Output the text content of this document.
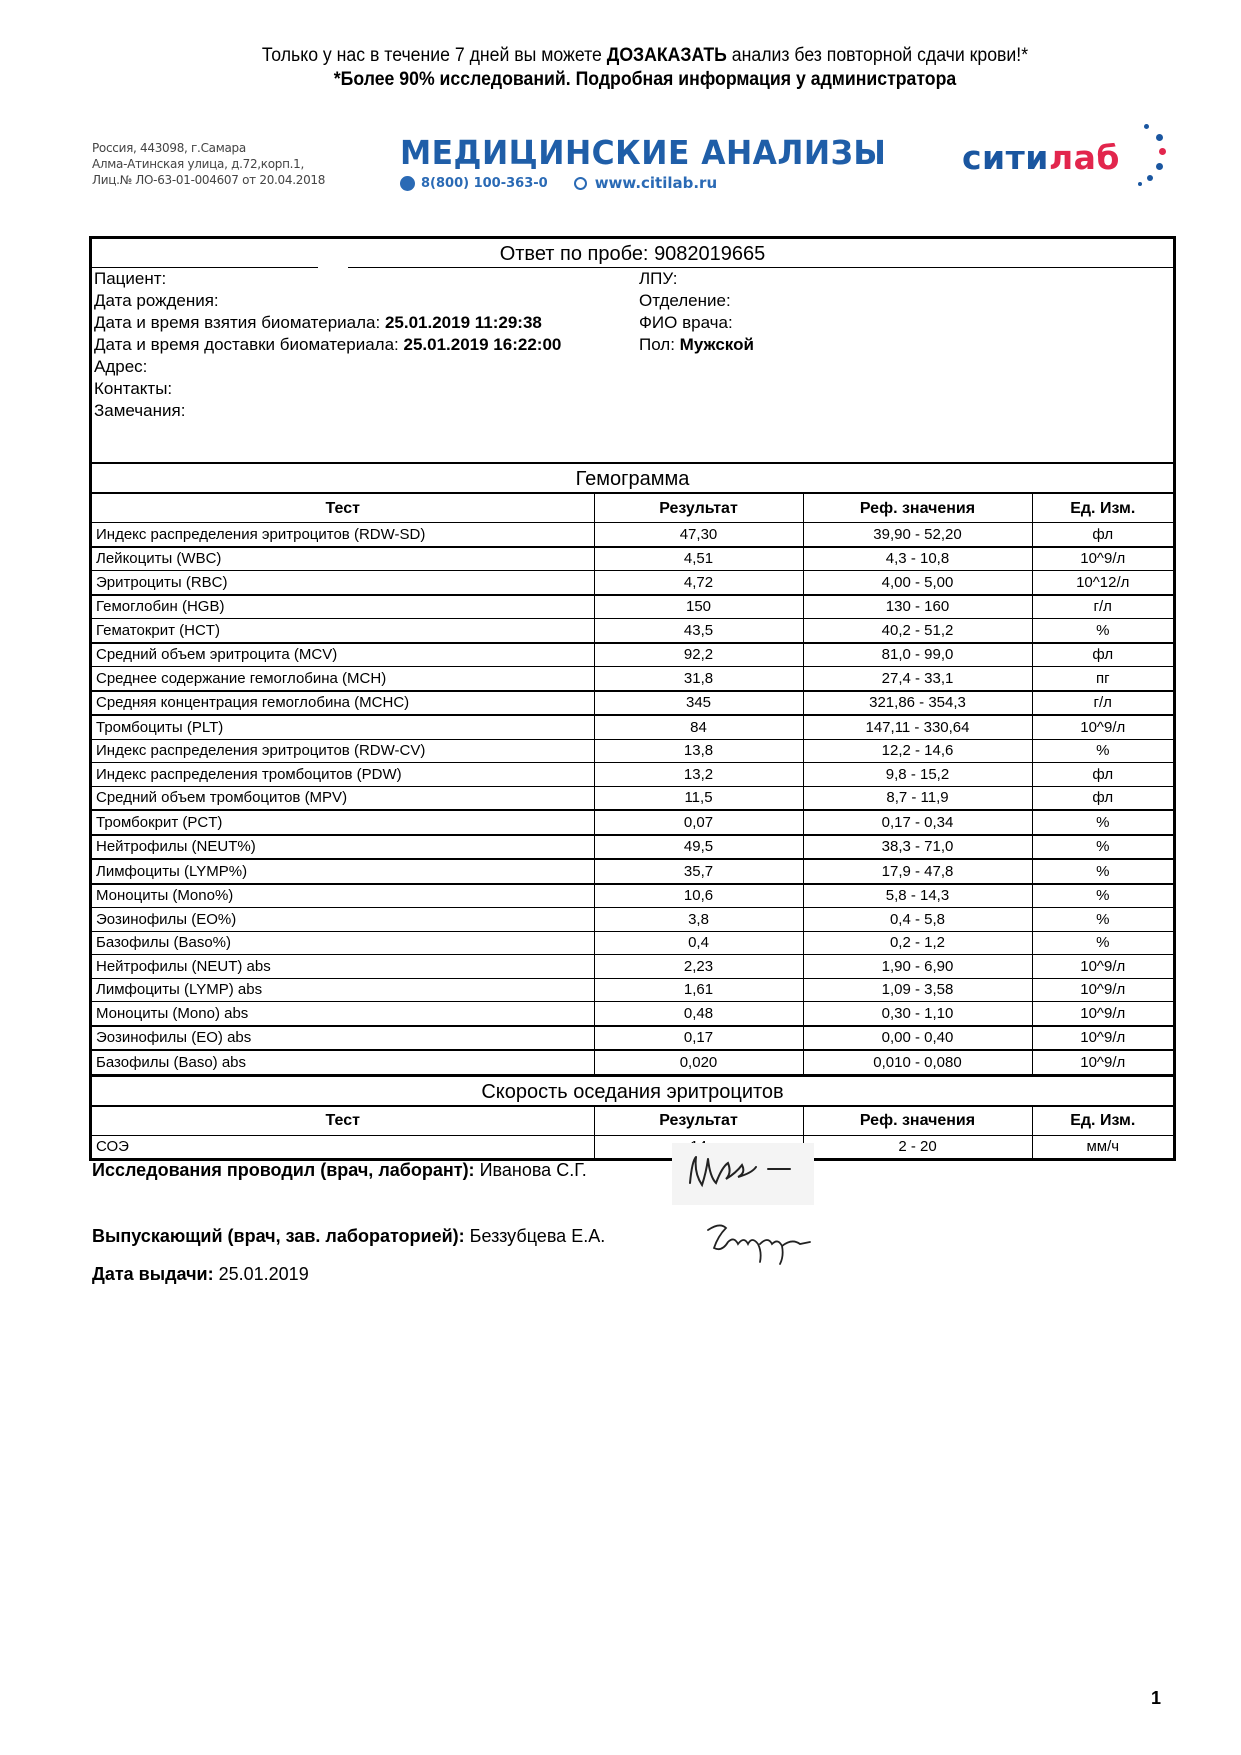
Только у нас в течение 7 дней вы можете ДОЗАКАЗАТЬ анализ без повторной сдачи крови!*
*Более 90% исследований. Подробная информация у администратора
Россия, 443098, г.Самара
Алма-Атинская улица, д.72,корп.1,
Лиц.№ ЛО-63-01-004607 от 20.04.2018
МЕДИЦИНСКИЕ АНАЛИЗЫ
8(800) 100-363-0	www.citilab.ru
ситилаб
Ответ по пробе: 9082019665
Пациент:
Дата рождения:
Дата и время взятия биоматериала: 25.01.2019 11:29:38
Дата и время доставки биоматериала: 25.01.2019 16:22:00
Адрес:
Контакты:
Замечания:
ЛПУ:
Отделение:
ФИО врача:
Пол: Мужской
Гемограмма
Тест	Результат	Реф. значения	Ед. Изм.
Индекс распределения эритроцитов (RDW-SD)	47,30	39,90 - 52,20	фл
Лейкоциты (WBC)	4,51	4,3 - 10,8	10^9/л
Эритроциты (RBC)	4,72	4,00 - 5,00	10^12/л
Гемоглобин (HGB)	150	130 - 160	г/л
Гематокрит (HCT)	43,5	40,2 - 51,2	%
Средний объем эритроцита (MCV)	92,2	81,0 - 99,0	фл
Среднее содержание гемоглобина (MCH)	31,8	27,4 - 33,1	пг
Средняя концентрация гемоглобина (MCHC)	345	321,86 - 354,3	г/л
Тромбоциты (PLT)	84	147,11 - 330,64	10^9/л
Индекс распределения эритроцитов (RDW-CV)	13,8	12,2 - 14,6	%
Индекс распределения тромбоцитов (PDW)	13,2	9,8 - 15,2	фл
Средний объем тромбоцитов (MPV)	11,5	8,7 - 11,9	фл
Тромбокрит (PCT)	0,07	0,17 - 0,34	%
Нейтрофилы (NEUT%)	49,5	38,3 - 71,0	%
Лимфоциты (LYMP%)	35,7	17,9 - 47,8	%
Моноциты (Mono%)	10,6	5,8 - 14,3	%
Эозинофилы (EO%)	3,8	0,4 - 5,8	%
Базофилы (Baso%)	0,4	0,2 - 1,2	%
Нейтрофилы (NEUT) abs	2,23	1,90 - 6,90	10^9/л
Лимфоциты (LYMP) abs	1,61	1,09 - 3,58	10^9/л
Моноциты (Mono) abs	0,48	0,30 - 1,10	10^9/л
Эозинофилы (EO) abs	0,17	0,00 - 0,40	10^9/л
Базофилы (Baso) abs	0,020	0,010 - 0,080	10^9/л
Скорость оседания эритроцитов
Тест	Результат	Реф. значения	Ед. Изм.
СОЭ		2 - 20	мм/ч
Исследования проводил (врач, лаборант): Иванова С.Г.
Выпускающий (врач, зав. лабораторией): Беззубцева Е.А.
Дата выдачи: 25.01.2019
1
